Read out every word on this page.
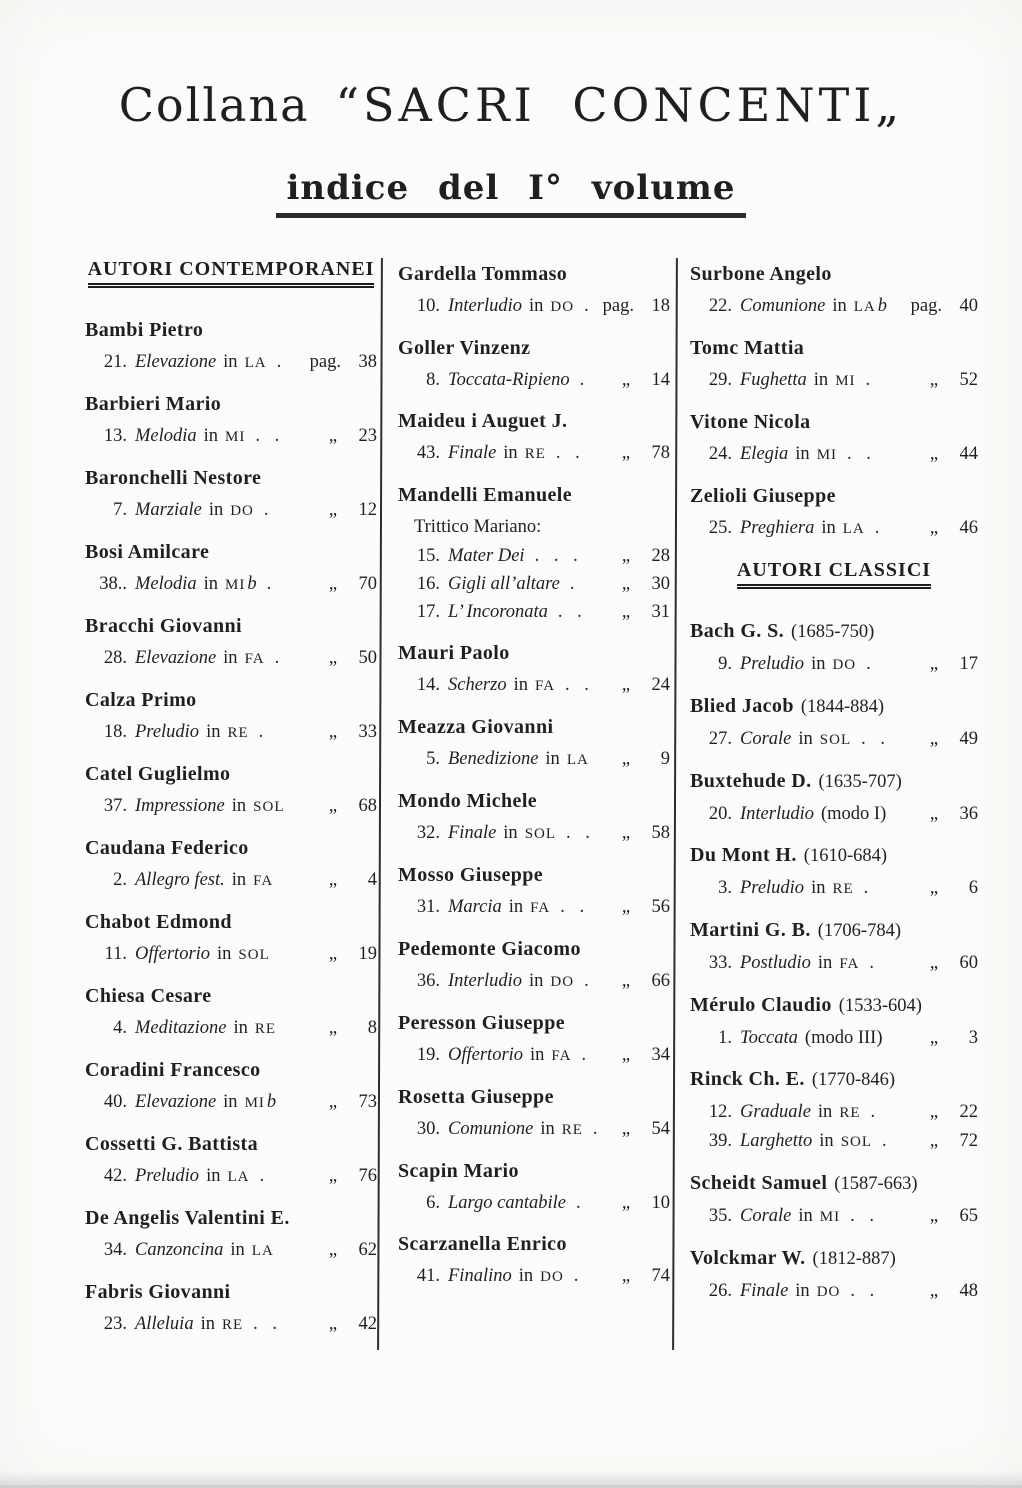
Collana “SACRI CONCENTI„
indice del I° volume
AUTORI CONTEMPORANEI
Bambi Pietro
21. Elevazione in LA . pag. 38
Barbieri Mario
13. Melodia in MI . .	„	23
Baronchelli Nestore
7. Marziale in DO .	„	12
Bosi Amilcare
38.. Melodia in MI b .	„	70
Bracchi Giovanni
28. Elevazione in FA .	„	50
Calza Primo
18. Preludio in RE .	„	33
Catel Guglielmo
37. Impressione in SOL „	68
Caudana Federico
2. Allegro fest. in FA	„	4
Chabot Edmond
11. Offertorio in SOL	„	19
Chiesa Cesare
4. Meditazione in RE	„	8
Coradini Francesco
40. Elevazione in MI b	„	73
Cossetti G. Battista
42. Preludio in LA .	„	76
De Angelis Valentini E.
34. Canzoncina in LA	„	62
Fabris Giovanni
23. Alleluia in RE . .	„	42
Gardella Tommaso
10. Interludio in DO . pag. 18
Goller Vinzenz
8. Toccata-Ripieno . „	14
Maideu i Auguet J.
43. Finale in RE . . „	78
Mandelli Emanuele
Trittico Mariano:
15. Mater Dei . . . „	28
16. Gigli all’altare .	„	30
17. L’ Incoronata . . „	31
Mauri Paolo
14. Scherzo in FA . . „	24
Meazza Giovanni
5. Benedizione in LA „	9
Mondo Michele
32. Finale in SOL . . „	58
Mosso Giuseppe
31. Marcia in FA . . „	56
Pedemonte Giacomo
36. Interludio in DO . „	66
Peresson Giuseppe
19. Offertorio in FA . „	34
Rosetta Giuseppe
30. Comunione in RE . „	54
Scapin Mario
6. Largo cantabile . „	10
Scarzanella Enrico
41. Finalino in DO . „	74
Surbone Angelo
22. Comunione in LA b pag. 40
Tomc Mattia
29. Fughetta in MI .	„	52
Vitone Nicola
24. Elegia in MI . .	„	44
Zelioli Giuseppe
25. Preghiera in LA .	„	46
AUTORI CLASSICI
Bach G. S. (1685-750)
9. Preludio in DO .	„	17
Blied Jacob (1844-884)
27. Corale in SOL . . „	49
Buxtehude D. (1635-707)
20. Interludio (modo I) „	36
Du Mont H. (1610-684)
3. Preludio in RE .	„	6
Martini G. B. (1706-784)
33. Postludio in FA .	„	60
Mérulo Claudio (1533-604)
1. Toccata (modo III)	„	3
Rinck Ch. E. (1770-846)
12. Graduale in RE .	„	22
39. Larghetto in SOL . „	72
Scheidt Samuel (1587-663)
35. Corale in MI . .	„	65
Volckmar W. (1812-887)
26. Finale in DO . .	„	48
